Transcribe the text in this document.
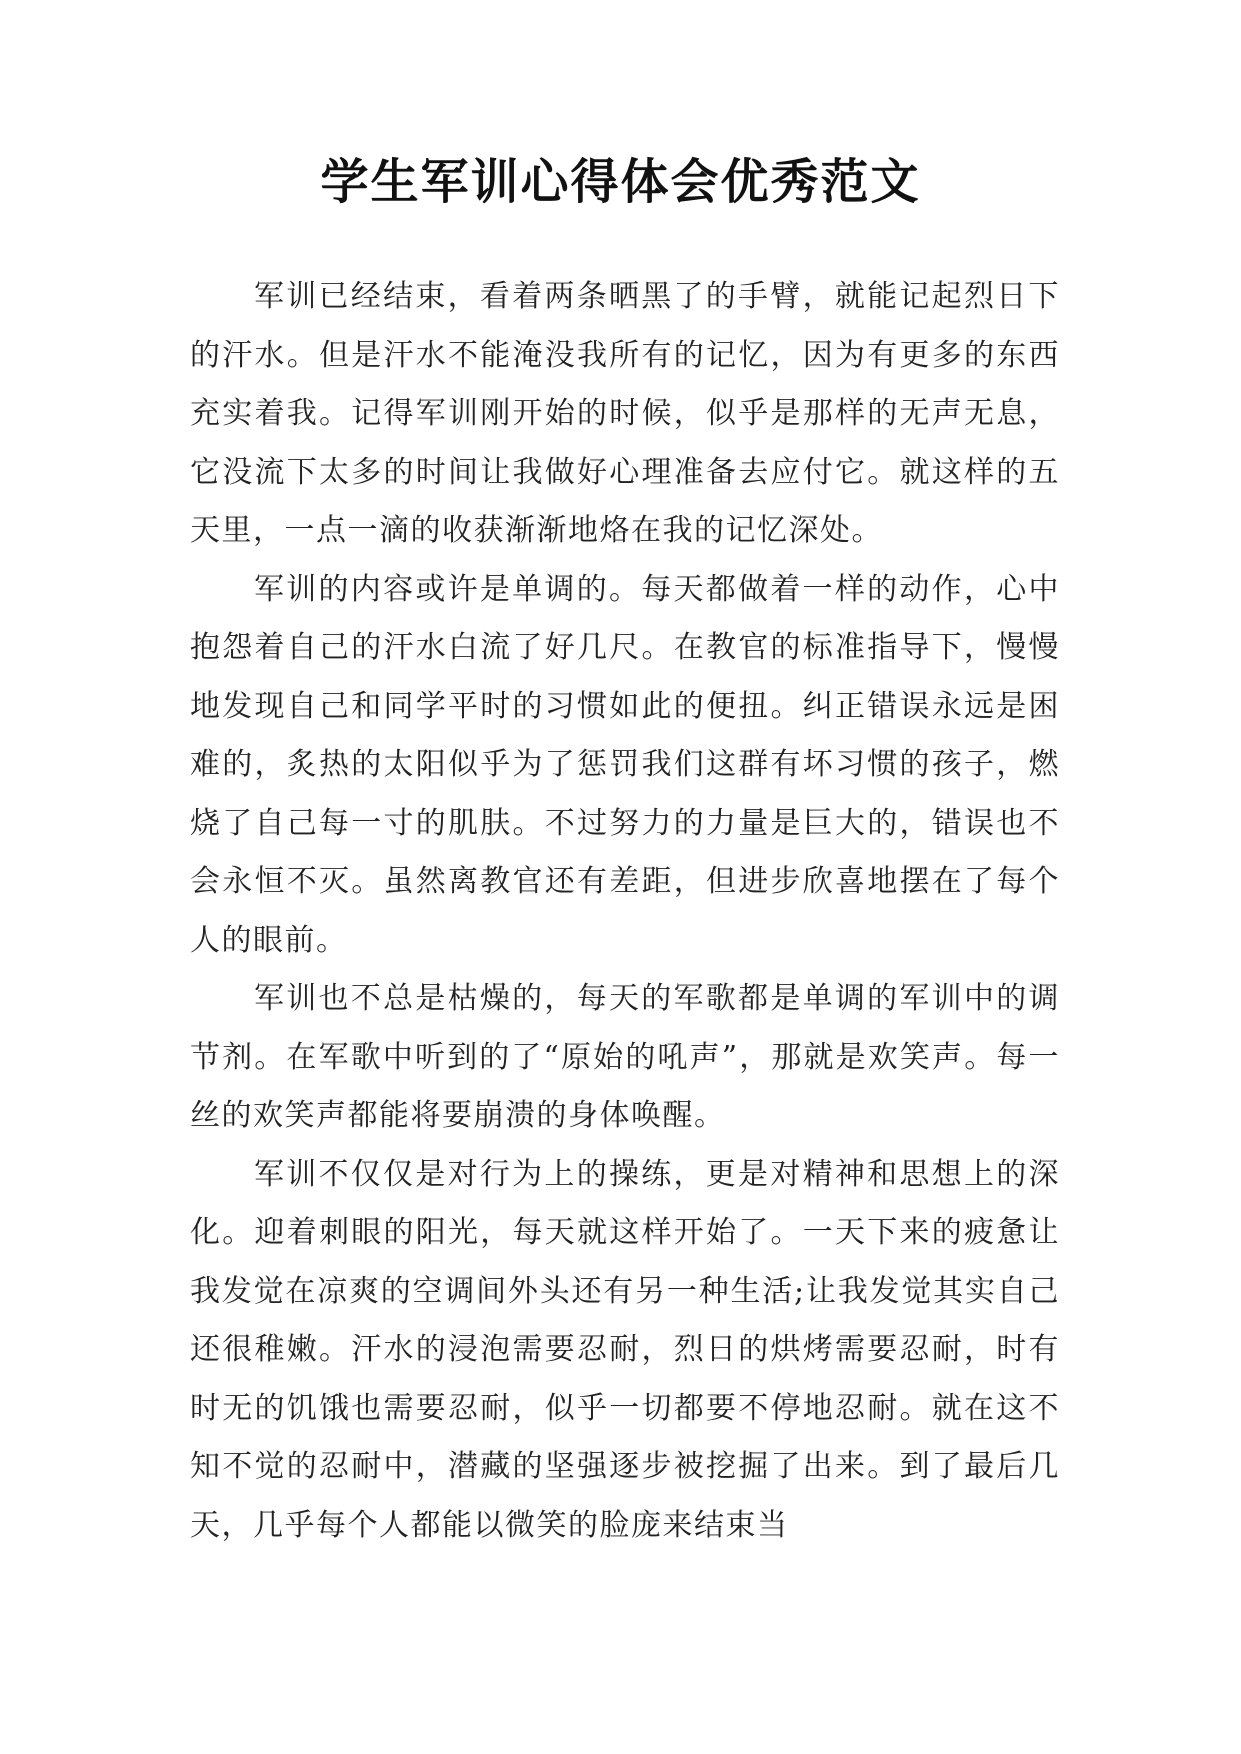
学生军训心得体会优秀范文

军训已经结束，看着两条晒黑了的手臂，就能记起烈日下的汗水。但是汗水不能淹没我所有的记忆，因为有更多的东西充实着我。记得军训刚开始的时候，似乎是那样的无声无息，它没流下太多的时间让我做好心理准备去应付它。就这样的五天里，一点一滴的收获渐渐地烙在我的记忆深处。

军训的内容或许是单调的。每天都做着一样的动作，心中抱怨着自己的汗水白流了好几尺。在教官的标准指导下，慢慢地发现自己和同学平时的习惯如此的便扭。纠正错误永远是困难的，炙热的太阳似乎为了惩罚我们这群有坏习惯的孩子，燃烧了自己每一寸的肌肤。不过努力的力量是巨大的，错误也不会永恒不灭。虽然离教官还有差距，但进步欣喜地摆在了每个人的眼前。

军训也不总是枯燥的，每天的军歌都是单调的军训中的调节剂。在军歌中听到的了“原始的吼声”，那就是欢笑声。每一丝的欢笑声都能将要崩溃的身体唤醒。

军训不仅仅是对行为上的操练，更是对精神和思想上的深化。迎着刺眼的阳光，每天就这样开始了。一天下来的疲惫让我发觉在凉爽的空调间外头还有另一种生活;让我发觉其实自己还很稚嫩。汗水的浸泡需要忍耐，烈日的烘烤需要忍耐，时有时无的饥饿也需要忍耐，似乎一切都要不停地忍耐。就在这不知不觉的忍耐中，潜藏的坚强逐步被挖掘了出来。到了最后几天，几乎每个人都能以微笑的脸庞来结束当
